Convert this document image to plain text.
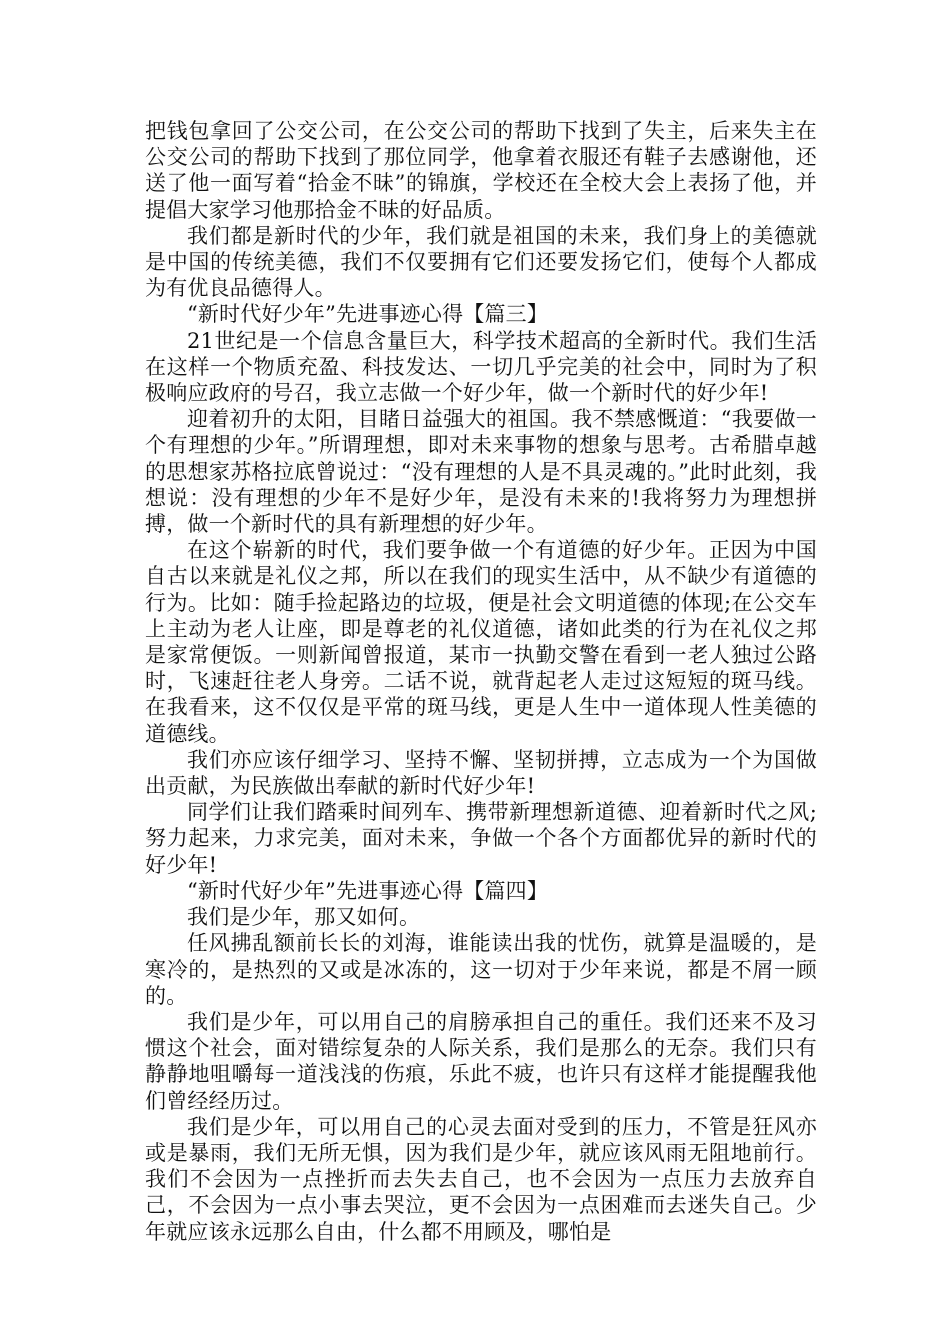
把钱包拿回了公交公司，在公交公司的帮助下找到了失主，后来失主在公交公司的帮助下找到了那位同学，他拿着衣服还有鞋子去感谢他，还送了他一面写着“拾金不昧”的锦旗，学校还在全校大会上表扬了他，并提倡大家学习他那拾金不昧的好品质。

我们都是新时代的少年，我们就是祖国的未来，我们身上的美德就是中国的传统美德，我们不仅要拥有它们还要发扬它们，使每个人都成为有优良品德得人。

“新时代好少年”先进事迹心得【篇三】

21世纪是一个信息含量巨大，科学技术超高的全新时代。我们生活在这样一个物质充盈、科技发达、一切几乎完美的社会中，同时为了积极响应政府的号召，我立志做一个好少年，做一个新时代的好少年!

迎着初升的太阳，目睹日益强大的祖国。我不禁感慨道：“我要做一个有理想的少年。”所谓理想，即对未来事物的想象与思考。古希腊卓越的思想家苏格拉底曾说过：“没有理想的人是不具灵魂的。”此时此刻，我想说：没有理想的少年不是好少年，是没有未来的!我将努力为理想拼搏，做一个新时代的具有新理想的好少年。

在这个崭新的时代，我们要争做一个有道德的好少年。正因为中国自古以来就是礼仪之邦，所以在我们的现实生活中，从不缺少有道德的行为。比如：随手捡起路边的垃圾，便是社会文明道德的体现;在公交车上主动为老人让座，即是尊老的礼仪道德，诸如此类的行为在礼仪之邦是家常便饭。一则新闻曾报道，某市一执勤交警在看到一老人独过公路时，飞速赶往老人身旁。二话不说，就背起老人走过这短短的斑马线。在我看来，这不仅仅是平常的斑马线，更是人生中一道体现人性美德的道德线。

我们亦应该仔细学习、坚持不懈、坚韧拼搏，立志成为一个为国做出贡献，为民族做出奉献的新时代好少年!

同学们让我们踏乘时间列车、携带新理想新道德、迎着新时代之风;努力起来，力求完美，面对未来，争做一个各个方面都优异的新时代的好少年!

“新时代好少年”先进事迹心得【篇四】

我们是少年，那又如何。

任风拂乱额前长长的刘海，谁能读出我的忧伤，就算是温暖的，是寒冷的，是热烈的又或是冰冻的，这一切对于少年来说，都是不屑一顾的。

我们是少年，可以用自己的肩膀承担自己的重任。我们还来不及习惯这个社会，面对错综复杂的人际关系，我们是那么的无奈。我们只有静静地咀嚼每一道浅浅的伤痕，乐此不疲，也许只有这样才能提醒我他们曾经经历过。

我们是少年，可以用自己的心灵去面对受到的压力，不管是狂风亦或是暴雨，我们无所无惧，因为我们是少年，就应该风雨无阻地前行。我们不会因为一点挫折而去失去自己，也不会因为一点压力去放弃自己，不会因为一点小事去哭泣，更不会因为一点困难而去迷失自己。少年就应该永远那么自由，什么都不用顾及，哪怕是
